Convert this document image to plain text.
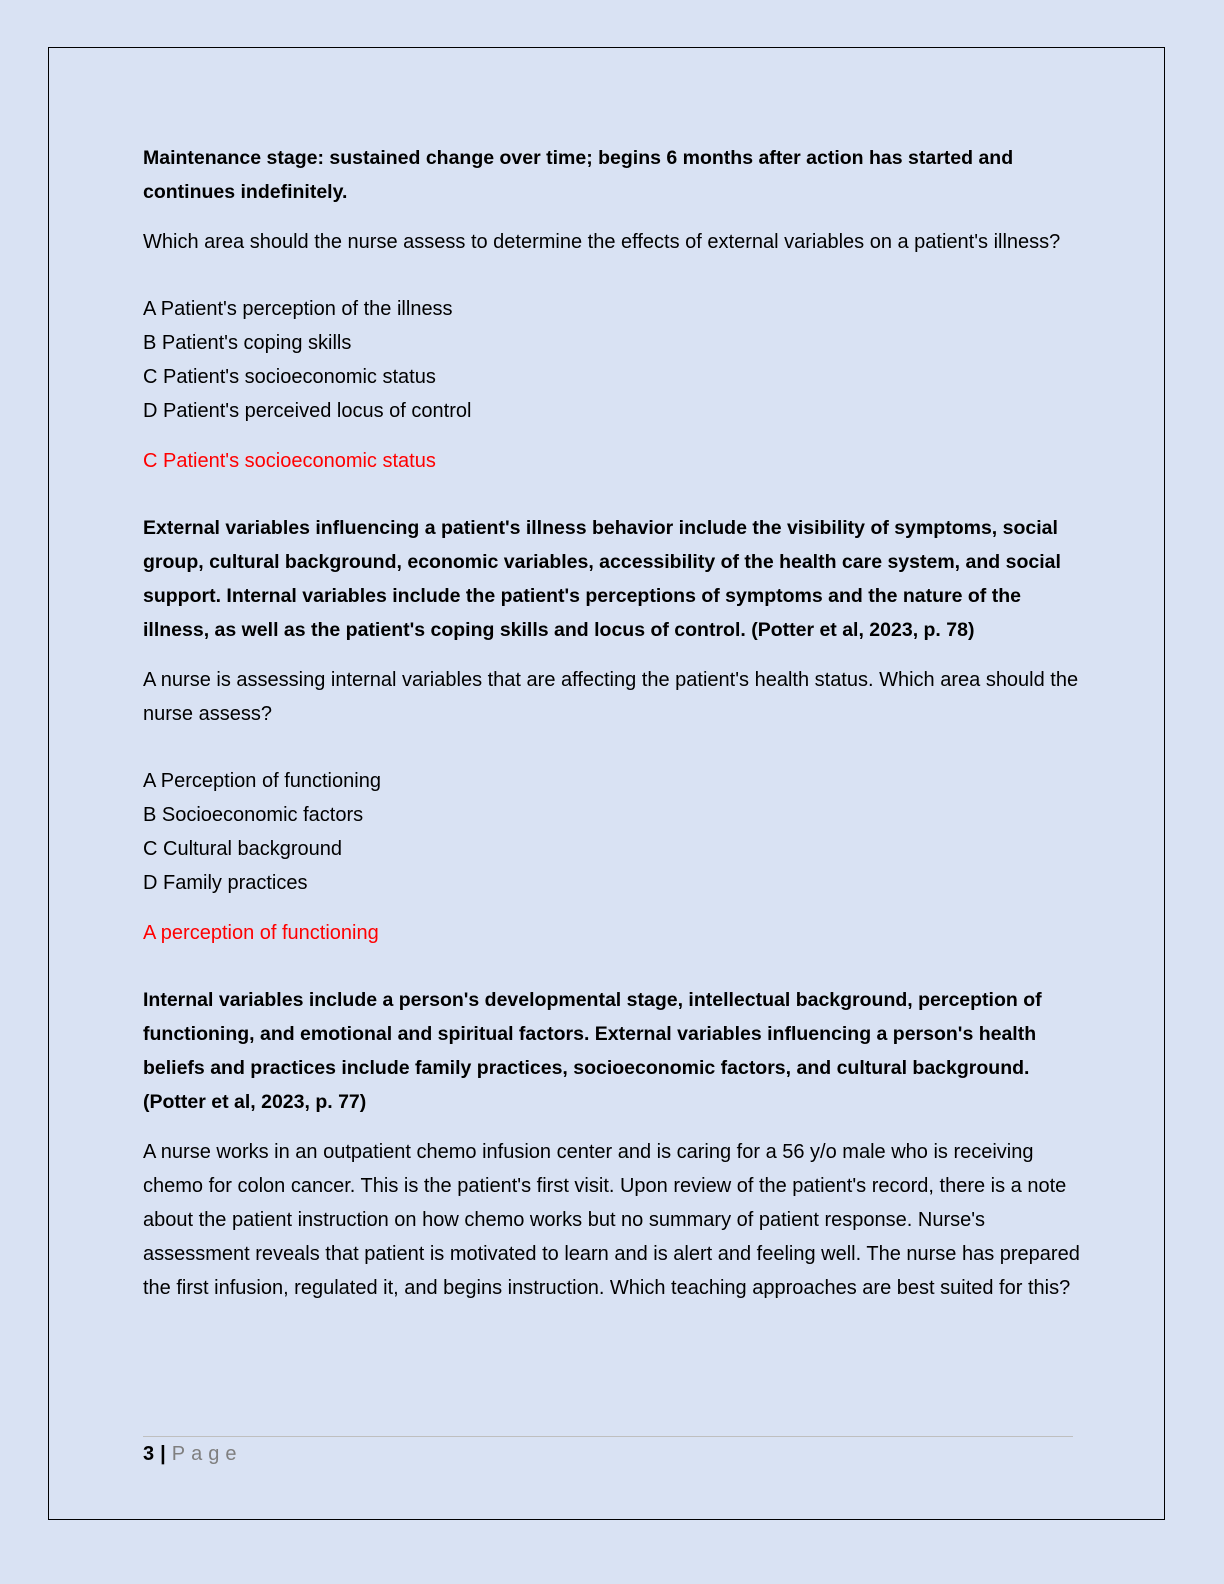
Maintenance stage: sustained change over time; begins 6 months after action has started and continues indefinitely.

Which area should the nurse assess to determine the effects of external variables on a patient's illness?

A Patient's perception of the illness
B Patient's coping skills
C Patient's socioeconomic status
D Patient's perceived locus of control

C Patient's socioeconomic status

External variables influencing a patient's illness behavior include the visibility of symptoms, social group, cultural background, economic variables, accessibility of the health care system, and social support. Internal variables include the patient's perceptions of symptoms and the nature of the illness, as well as the patient's coping skills and locus of control. (Potter et al, 2023, p. 78)

A nurse is assessing internal variables that are affecting the patient's health status. Which area should the nurse assess?

A Perception of functioning
B Socioeconomic factors
C Cultural background
D Family practices

A perception of functioning

Internal variables include a person's developmental stage, intellectual background, perception of functioning, and emotional and spiritual factors. External variables influencing a person's health beliefs and practices include family practices, socioeconomic factors, and cultural background. (Potter et al, 2023, p. 77)

A nurse works in an outpatient chemo infusion center and is caring for a 56 y/o male who is receiving chemo for colon cancer. This is the patient's first visit. Upon review of the patient's record, there is a note about the patient instruction on how chemo works but no summary of patient response. Nurse's assessment reveals that patient is motivated to learn and is alert and feeling well. The nurse has prepared the first infusion, regulated it, and begins instruction. Which teaching approaches are best suited for this?

3 | Page
